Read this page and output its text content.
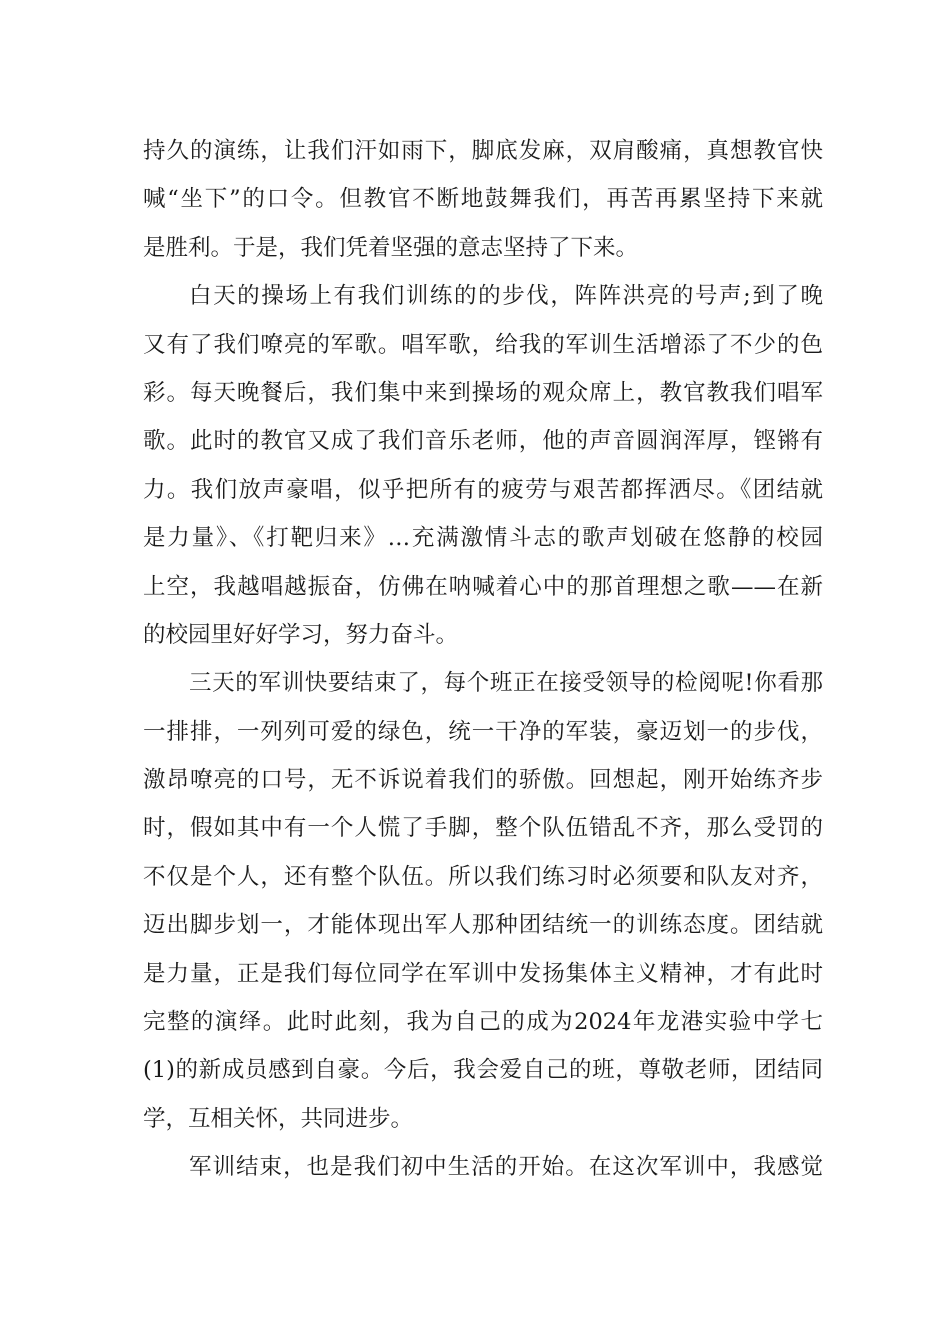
持久的演练，让我们汗如雨下，脚底发麻，双肩酸痛，真想教官快
喊“坐下”的口令。但教官不断地鼓舞我们，再苦再累坚持下来就
是胜利。于是，我们凭着坚强的意志坚持了下来。
白天的操场上有我们训练的的步伐，阵阵洪亮的号声;到了晚
又有了我们嘹亮的军歌。唱军歌，给我的军训生活增添了不少的色
彩。每天晚餐后，我们集中来到操场的观众席上，教官教我们唱军
歌。此时的教官又成了我们音乐老师，他的声音圆润浑厚，铿锵有
力。我们放声豪唱，似乎把所有的疲劳与艰苦都挥洒尽。《团结就
是力量》、《打靶归来》…充满激情斗志的歌声划破在悠静的校园
上空，我越唱越振奋，仿佛在呐喊着心中的那首理想之歌——在新
的校园里好好学习，努力奋斗。
三天的军训快要结束了，每个班正在接受领导的检阅呢!你看那
一排排，一列列可爱的绿色，统一干净的军装，豪迈划一的步伐，
激昂嘹亮的口号，无不诉说着我们的骄傲。回想起，刚开始练齐步
时，假如其中有一个人慌了手脚，整个队伍错乱不齐，那么受罚的
不仅是个人，还有整个队伍。所以我们练习时必须要和队友对齐，
迈出脚步划一，才能体现出军人那种团结统一的训练态度。团结就
是力量，正是我们每位同学在军训中发扬集体主义精神，才有此时
完整的演绎。此时此刻，我为自己的成为2024年龙港实验中学七
(1)的新成员感到自豪。今后，我会爱自己的班，尊敬老师，团结同
学，互相关怀，共同进步。
军训结束，也是我们初中生活的开始。在这次军训中，我感觉
